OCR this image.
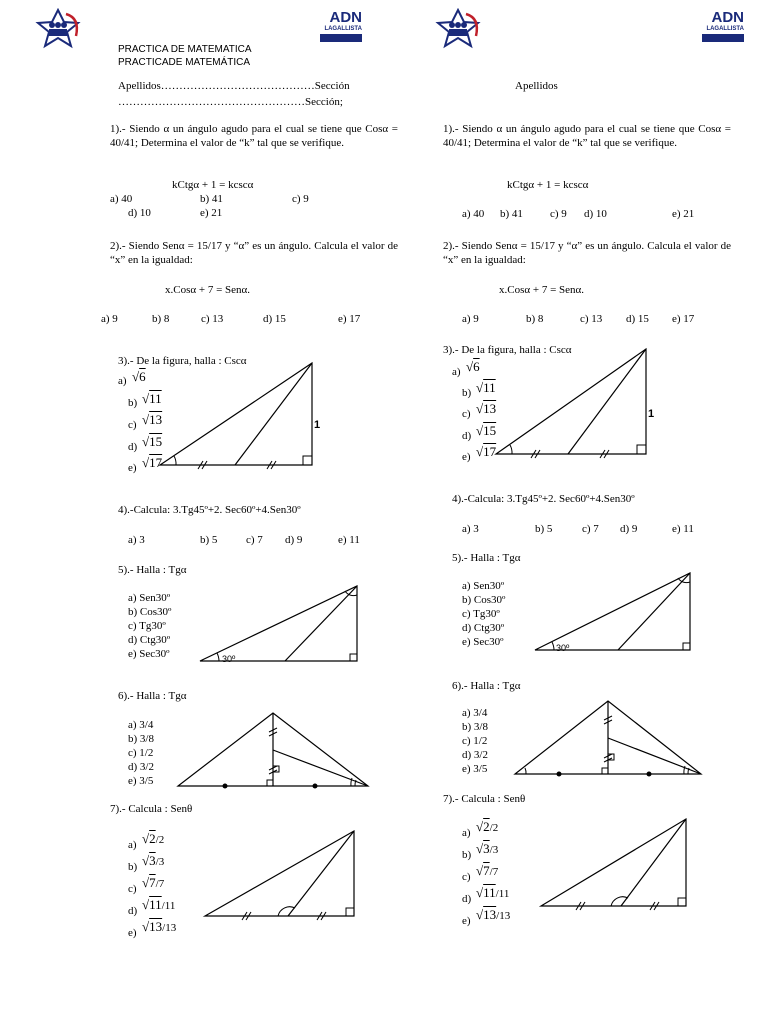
ADN
LAGALLISTA
ADN
LAGALLISTA
PRACTICA DE MATEMATICA
PRACTICADE MATEMÁTICA
Apellidos……………………………………Sección
……………………………………………Sección;
Apellidos
1).- Siendo α un ángulo agudo para el cual se tiene que Cosα = 40/41; Determina el valor de “k” tal que se verifique.
kCtgα + 1 = kcscα
a) 40	b) 41	c) 9
d) 10	e) 21
2).- Siendo Senα = 15/17 y “α” es un ángulo. Calcula el valor de “x” en la igualdad:
x.Cosα + 7 = Senα.
a) 9	b) 8	c) 13	d) 15	e) 17
3).- De la figura, halla : Cscα
a) √6
b) √11
c) √13
d) √15
e) √17
1
4).-Calcula: 3.Tg45º+2. Sec60º+4.Sen30º
a) 3	b) 5	c) 7 d) 9	e) 11
5).- Halla : Tgα
a) Sen30º
b) Cos30º
c) Tg30º
d) Ctg30º
e) Sec30º	30º
6).- Halla : Tgα
a) 3/4
b) 3/8
c) 1/2
d) 3/2
e) 3/5
7).- Calcula : Senθ
a) √2/2
b) √3/3
c) √7/7
d) √11/11
e) √13/13
1).- Siendo α un ángulo agudo para el cual se tiene que Cosα = 40/41; Determina el valor de “k” tal que se verifique.
kCtgα + 1 = kcscα
a) 40 b) 41 c) 9 d) 10	e) 21
2).- Siendo Senα = 15/17 y “α” es un ángulo. Calcula el valor de “x” en la igualdad:
x.Cosα + 7 = Senα.
a) 9	b) 8	c) 13 d) 15 e) 17
3).- De la figura, halla : Cscα
a) √6
b) √11
c) √13
d) √15
e) √17
1
4).-Calcula: 3.Tg45º+2. Sec60º+4.Sen30º
a) 3	b) 5	c) 7 d) 9	e) 11
5).- Halla : Tgα
a) Sen30º
b) Cos30º
c) Tg30º
d) Ctg30º
e) Sec30º	30º
6).- Halla : Tgα
a) 3/4
b) 3/8
c) 1/2
d) 3/2
e) 3/5
7).- Calcula : Senθ
a) √2/2
b) √3/3
c) √7/7
d) √11/11
e) √13/13
